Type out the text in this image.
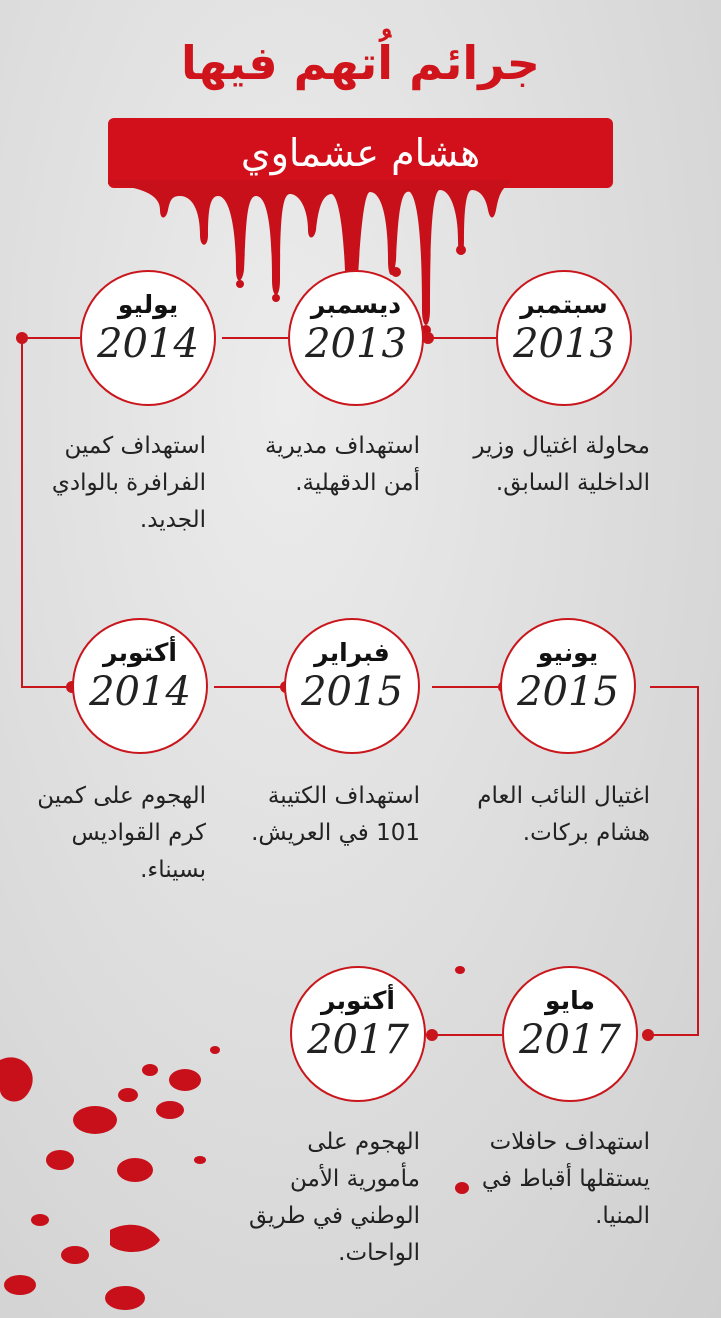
جرائم اُتهم فيها
هشام عشماوي
سبتمبر
2013
ديسمبر
2013
يوليو
2014
محاولة اغتيال وزير الداخلية السابق.
استهداف مديرية أمن الدقهلية.
استهداف كمين الفرافرة بالوادي الجديد.
يونيو
2015
فبراير
2015
أكتوبر
2014
اغتيال النائب العام هشام بركات.
استهداف الكتيبة 101 في العريش.
الهجوم على كمين كرم القواديس بسيناء.
مايو
2017
أكتوبر
2017
استهداف حافلات يستقلها أقباط في المنيا.
الهجوم على مأمورية الأمن الوطني في طريق الواحات.
